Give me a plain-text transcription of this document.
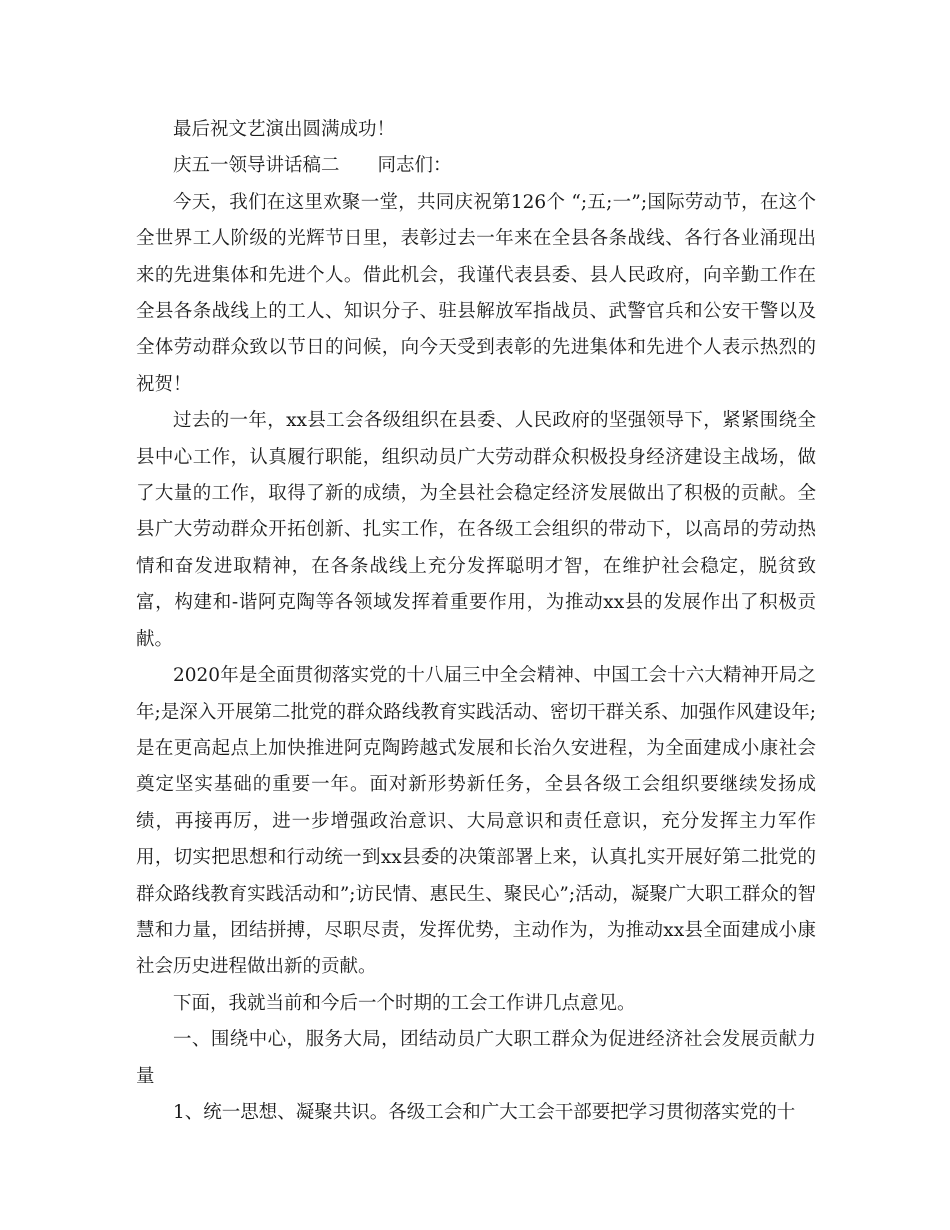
最后祝文艺演出圆满成功！

庆五一领导讲话稿二 同志们：

今天，我们在这里欢聚一堂，共同庆祝第126个 “;五;一”;国际劳动节，在这个全世界工人阶级的光辉节日里，表彰过去一年来在全县各条战线、各行各业涌现出来的先进集体和先进个人。借此机会，我谨代表县委、县人民政府，向辛勤工作在全县各条战线上的工人、知识分子、驻县解放军指战员、武警官兵和公安干警以及全体劳动群众致以节日的问候，向今天受到表彰的先进集体和先进个人表示热烈的祝贺！

过去的一年，xx县工会各级组织在县委、人民政府的坚强领导下，紧紧围绕全县中心工作，认真履行职能，组织动员广大劳动群众积极投身经济建设主战场，做了大量的工作，取得了新的成绩，为全县社会稳定经济发展做出了积极的贡献。全县广大劳动群众开拓创新、扎实工作，在各级工会组织的带动下，以高昂的劳动热情和奋发进取精神，在各条战线上充分发挥聪明才智，在维护社会稳定，脱贫致富，构建和-谐阿克陶等各领域发挥着重要作用，为推动xx县的发展作出了积极贡献。

2020年是全面贯彻落实党的十八届三中全会精神、中国工会十六大精神开局之年;是深入开展第二批党的群众路线教育实践活动、密切干群关系、加强作风建设年;是在更高起点上加快推进阿克陶跨越式发展和长治久安进程，为全面建成小康社会奠定坚实基础的重要一年。面对新形势新任务，全县各级工会组织要继续发扬成绩，再接再厉，进一步增强政治意识、大局意识和责任意识，充分发挥主力军作用，切实把思想和行动统一到xx县委的决策部署上来，认真扎实开展好第二批党的群众路线教育实践活动和”;访民情、惠民生、聚民心”;活动，凝聚广大职工群众的智慧和力量，团结拼搏，尽职尽责，发挥优势，主动作为，为推动xx县全面建成小康社会历史进程做出新的贡献。

下面，我就当前和今后一个时期的工会工作讲几点意见。

一、围绕中心，服务大局，团结动员广大职工群众为促进经济社会发展贡献力量

1、统一思想、凝聚共识。各级工会和广大工会干部要把学习贯彻落实党的十
